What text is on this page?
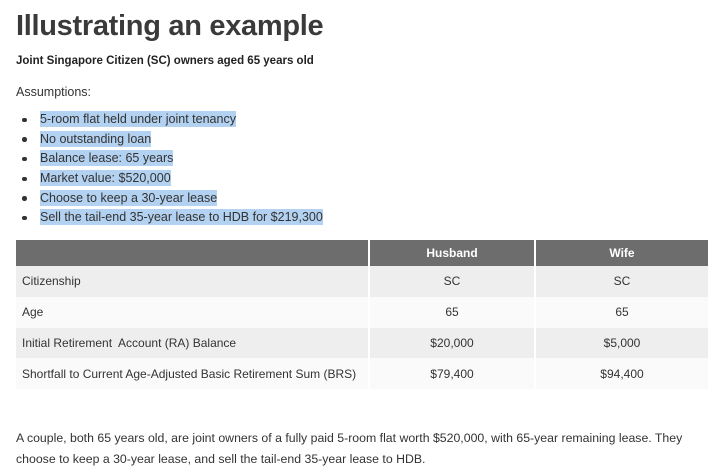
Illustrating an example

Joint Singapore Citizen (SC) owners aged 65 years old

Assumptions:

5-room flat held under joint tenancy
No outstanding loan
Balance lease: 65 years
Market value: $520,000
Choose to keep a 30-year lease
Sell the tail-end 35-year lease to HDB for $219,300
	Husband	Wife
Citizenship	SC	SC
Age	65	65
Initial Retirement  Account (RA) Balance	$20,000	$5,000
Shortfall to Current Age-Adjusted Basic Retirement Sum (BRS)	$79,400	$94,400

A couple, both 65 years old, are joint owners of a fully paid 5-room flat worth $520,000, with 65-year remaining lease. They choose to keep a 30-year lease, and sell the tail-end 35-year lease to HDB.
